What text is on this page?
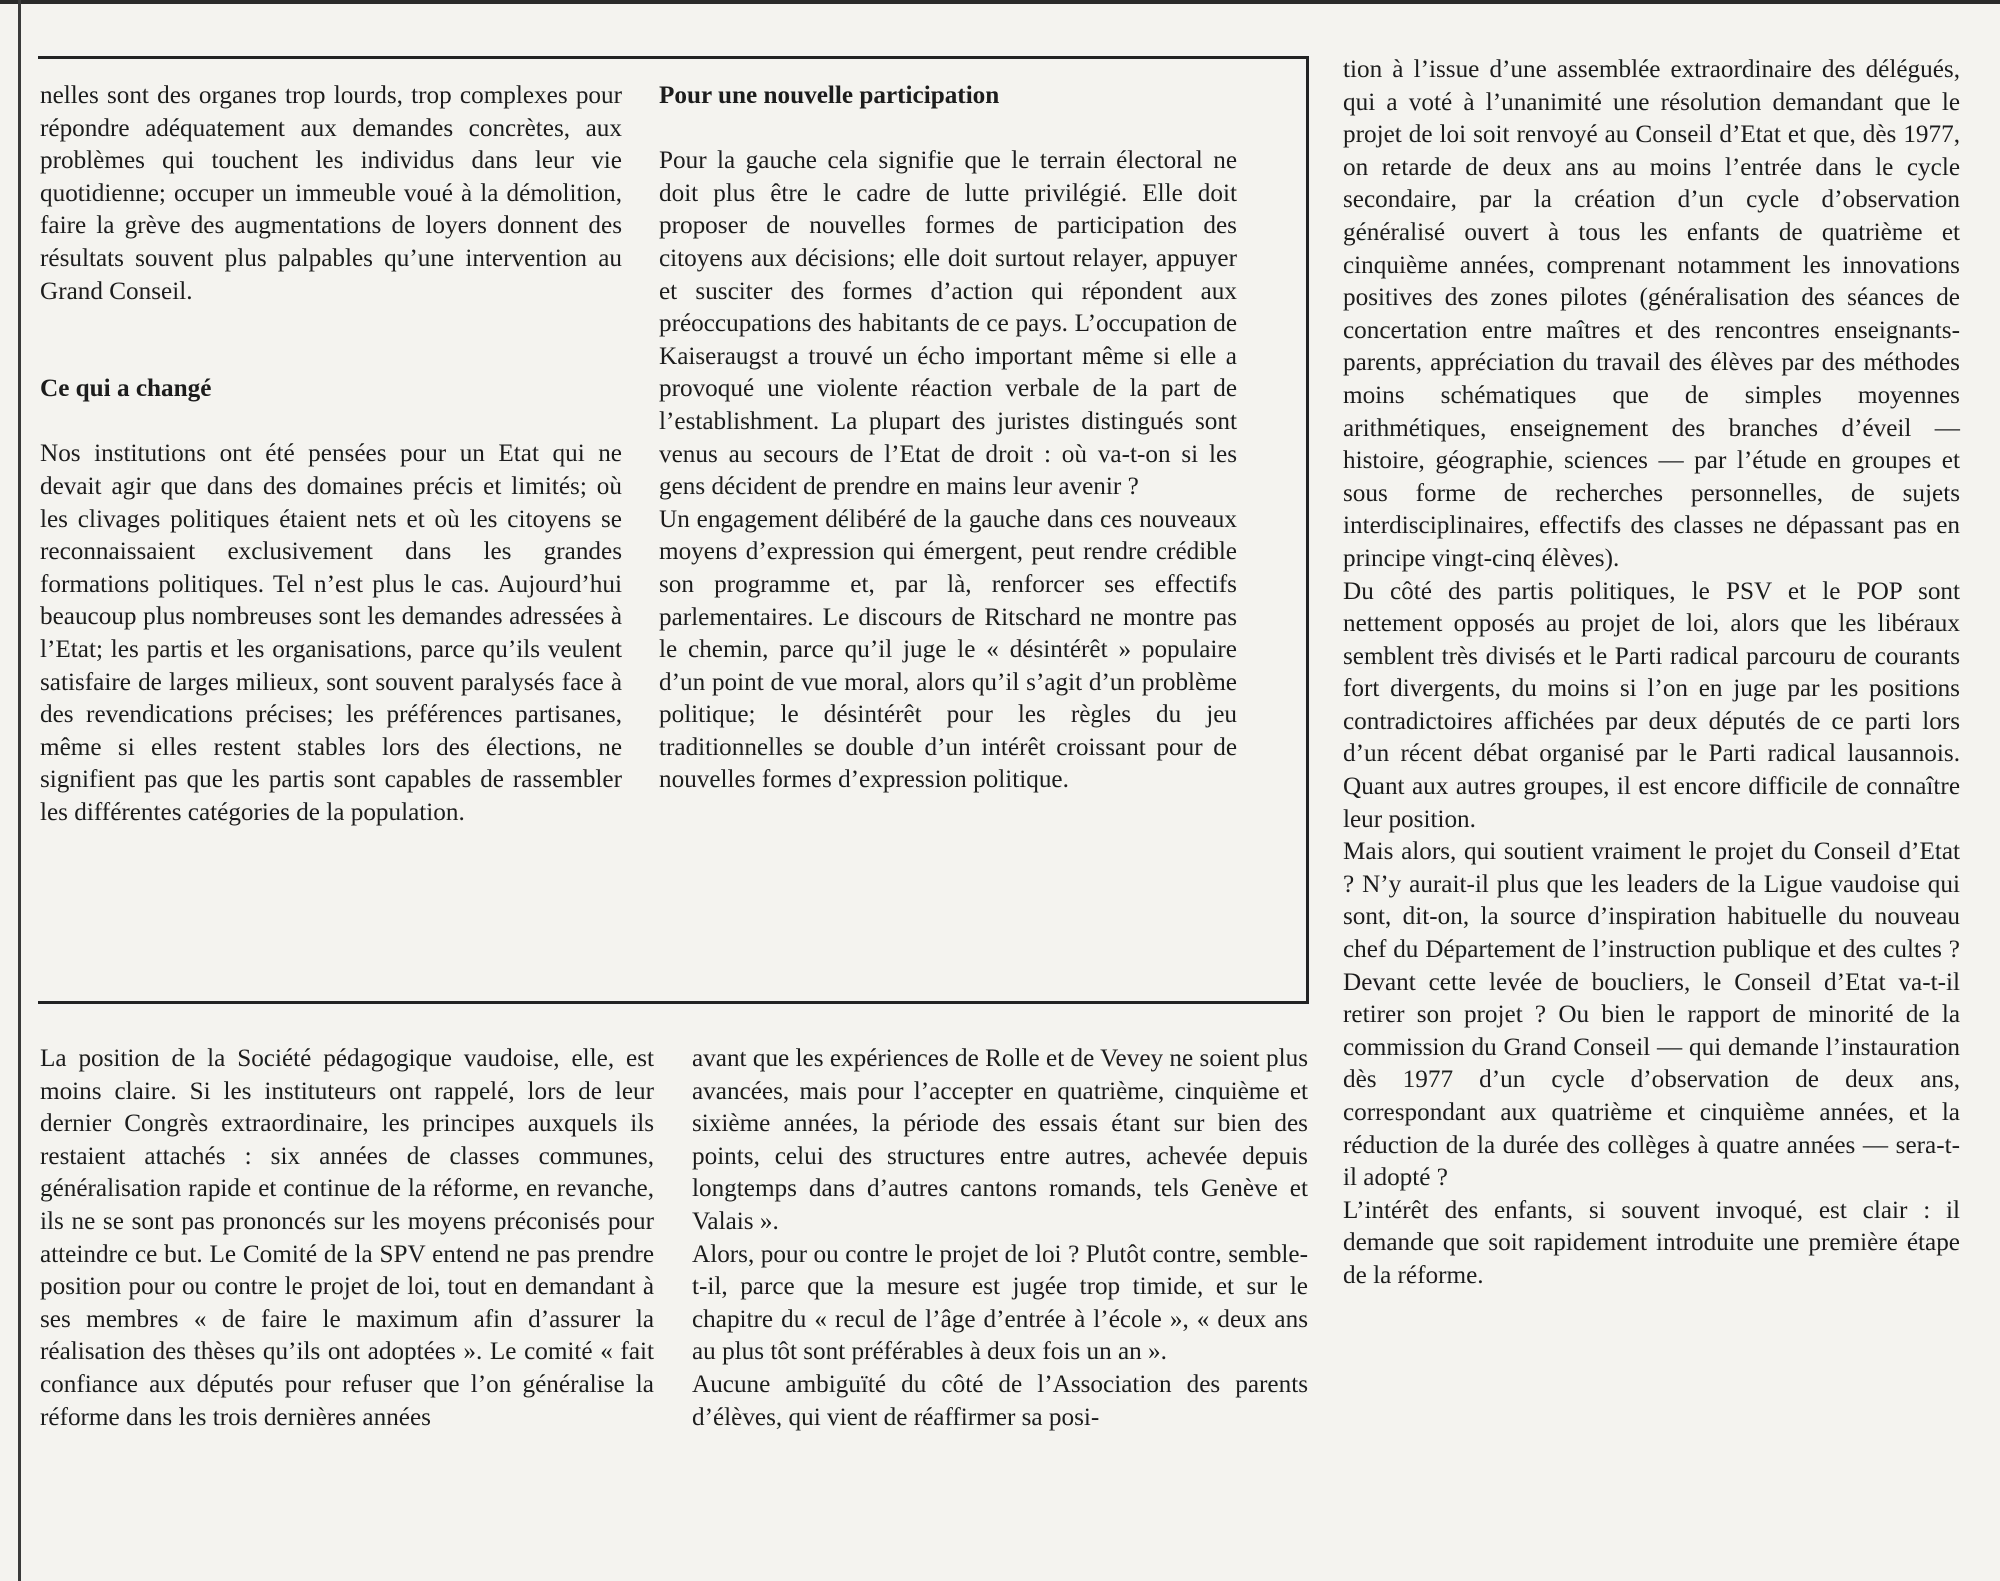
nelles sont des organes trop lourds, trop complexes pour répondre adéquatement aux demandes concrètes, aux problèmes qui touchent les individus dans leur vie quotidienne; occuper un immeuble voué à la démolition, faire la grève des augmentations de loyers donnent des résultats souvent plus palpables qu’une intervention au Grand Conseil.

Ce qui a changé

Nos institutions ont été pensées pour un Etat qui ne devait agir que dans des domaines précis et limités; où les clivages politiques étaient nets et où les citoyens se reconnaissaient exclusivement dans les grandes formations politiques. Tel n’est plus le cas. Aujourd’hui beaucoup plus nombreuses sont les demandes adressées à l’Etat; les partis et les organisations, parce qu’ils veulent satisfaire de larges milieux, sont souvent paralysés face à des revendications précises; les préférences partisanes, même si elles restent stables lors des élections, ne signifient pas que les partis sont capables de rassembler les différentes catégories de la population.

Pour une nouvelle participation

Pour la gauche cela signifie que le terrain électoral ne doit plus être le cadre de lutte privilégié. Elle doit proposer de nouvelles formes de participation des citoyens aux décisions; elle doit surtout relayer, appuyer et susciter des formes d’action qui répondent aux préoccupations des habitants de ce pays. L’occupation de Kaiseraugst a trouvé un écho important même si elle a provoqué une violente réaction verbale de la part de l’establishment. La plupart des juristes distingués sont venus au secours de l’Etat de droit : où va-t-on si les gens décident de prendre en mains leur avenir ?

Un engagement délibéré de la gauche dans ces nouveaux moyens d’expression qui émergent, peut rendre crédible son programme et, par là, renforcer ses effectifs parlementaires. Le discours de Ritschard ne montre pas le chemin, parce qu’il juge le « désintérêt » populaire d’un point de vue moral, alors qu’il s’agit d’un problème politique; le désintérêt pour les règles du jeu traditionnelles se double d’un intérêt croissant pour de nouvelles formes d’expression politique.

La position de la Société pédagogique vaudoise, elle, est moins claire. Si les instituteurs ont rappelé, lors de leur dernier Congrès extraordinaire, les principes auxquels ils restaient attachés : six années de classes communes, généralisation rapide et continue de la réforme, en revanche, ils ne se sont pas prononcés sur les moyens préconisés pour atteindre ce but. Le Comité de la SPV entend ne pas prendre position pour ou contre le projet de loi, tout en demandant à ses membres « de faire le maximum afin d’assurer la réalisation des thèses qu’ils ont adoptées ». Le comité « fait confiance aux députés pour refuser que l’on généralise la réforme dans les trois dernières années

avant que les expériences de Rolle et de Vevey ne soient plus avancées, mais pour l’accepter en quatrième, cinquième et sixième années, la période des essais étant sur bien des points, celui des structures entre autres, achevée depuis longtemps dans d’autres cantons romands, tels Genève et Valais ».

Alors, pour ou contre le projet de loi ? Plutôt contre, semble-t-il, parce que la mesure est jugée trop timide, et sur le chapitre du « recul de l’âge d’entrée à l’école », « deux ans au plus tôt sont préférables à deux fois un an ».

Aucune ambiguïté du côté de l’Association des parents d’élèves, qui vient de réaffirmer sa posi-

tion à l’issue d’une assemblée extraordinaire des délégués, qui a voté à l’unanimité une résolution demandant que le projet de loi soit renvoyé au Conseil d’Etat et que, dès 1977, on retarde de deux ans au moins l’entrée dans le cycle secondaire, par la création d’un cycle d’observation généralisé ouvert à tous les enfants de quatrième et cinquième années, comprenant notamment les innovations positives des zones pilotes (généralisation des séances de concertation entre maîtres et des rencontres enseignants-parents, appréciation du travail des élèves par des méthodes moins schématiques que de simples moyennes arithmétiques, enseignement des branches d’éveil — histoire, géographie, sciences — par l’étude en groupes et sous forme de recherches personnelles, de sujets interdisciplinaires, effectifs des classes ne dépassant pas en principe vingt-cinq élèves).

Du côté des partis politiques, le PSV et le POP sont nettement opposés au projet de loi, alors que les libéraux semblent très divisés et le Parti radical parcouru de courants fort divergents, du moins si l’on en juge par les positions contradictoires affichées par deux députés de ce parti lors d’un récent débat organisé par le Parti radical lausannois. Quant aux autres groupes, il est encore difficile de connaître leur position.

Mais alors, qui soutient vraiment le projet du Conseil d’Etat ? N’y aurait-il plus que les leaders de la Ligue vaudoise qui sont, dit-on, la source d’inspiration habituelle du nouveau chef du Département de l’instruction publique et des cultes ? Devant cette levée de boucliers, le Conseil d’Etat va-t-il retirer son projet ? Ou bien le rapport de minorité de la commission du Grand Conseil — qui demande l’instauration dès 1977 d’un cycle d’observation de deux ans, correspondant aux quatrième et cinquième années, et la réduction de la durée des collèges à quatre années — sera-t-il adopté ?

L’intérêt des enfants, si souvent invoqué, est clair : il demande que soit rapidement introduite une première étape de la réforme.
